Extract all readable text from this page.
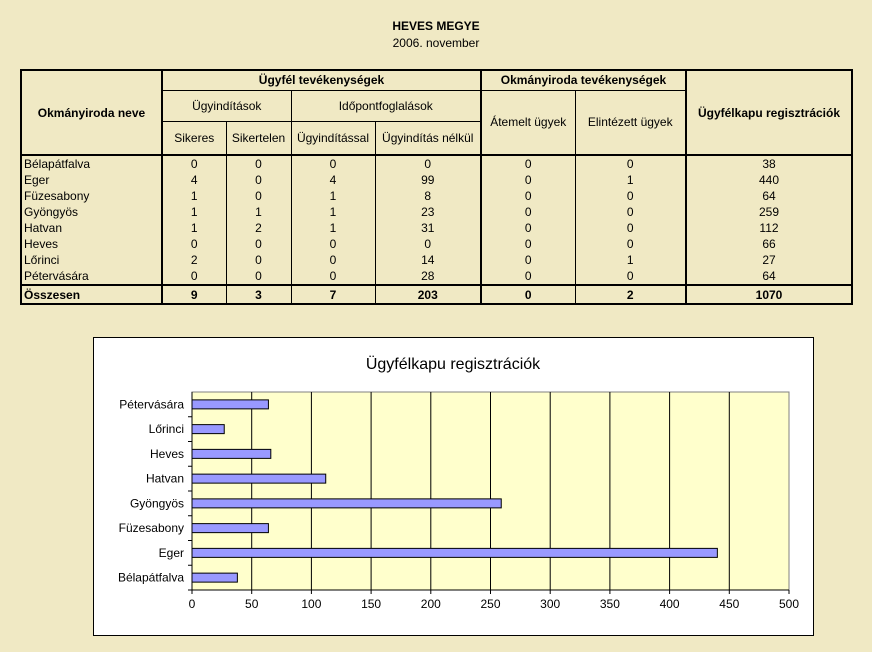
HEVES MEGYE
2006. november
Okmányiroda neve	Ügyfél tevékenységek				Okmányiroda tevékenységek		Ügyfélkapu regisztrációk
	Ügyindítások		Időpontfoglalások		Átemelt ügyek	Elintézett ügyek	
	Sikeres	Sikertelen	Ügyindítással	Ügyindítás nélkül			
Bélapátfalva	0	0	0	0	0	0	38
Eger	4	0	4	99	0	1	440
Füzesabony	1	0	1	8	0	0	64
Gyöngyös	1	1	1	23	0	0	259
Hatvan	1	2	1	31	0	0	112
Heves	0	0	0	0	0	0	66
Lőrinci	2	0	0	14	0	1	27
Pétervására	0	0	0	28	0	0	64
Összesen	9	3	7	203	0	2	1070
Ügyfélkapu regisztrációk
0	50	100	150	200	250	300	350	400	450	500
Bélapátfalva
Eger
Füzesabony
Gyöngyös
Hatvan
Heves
Lőrinci
Pétervására
